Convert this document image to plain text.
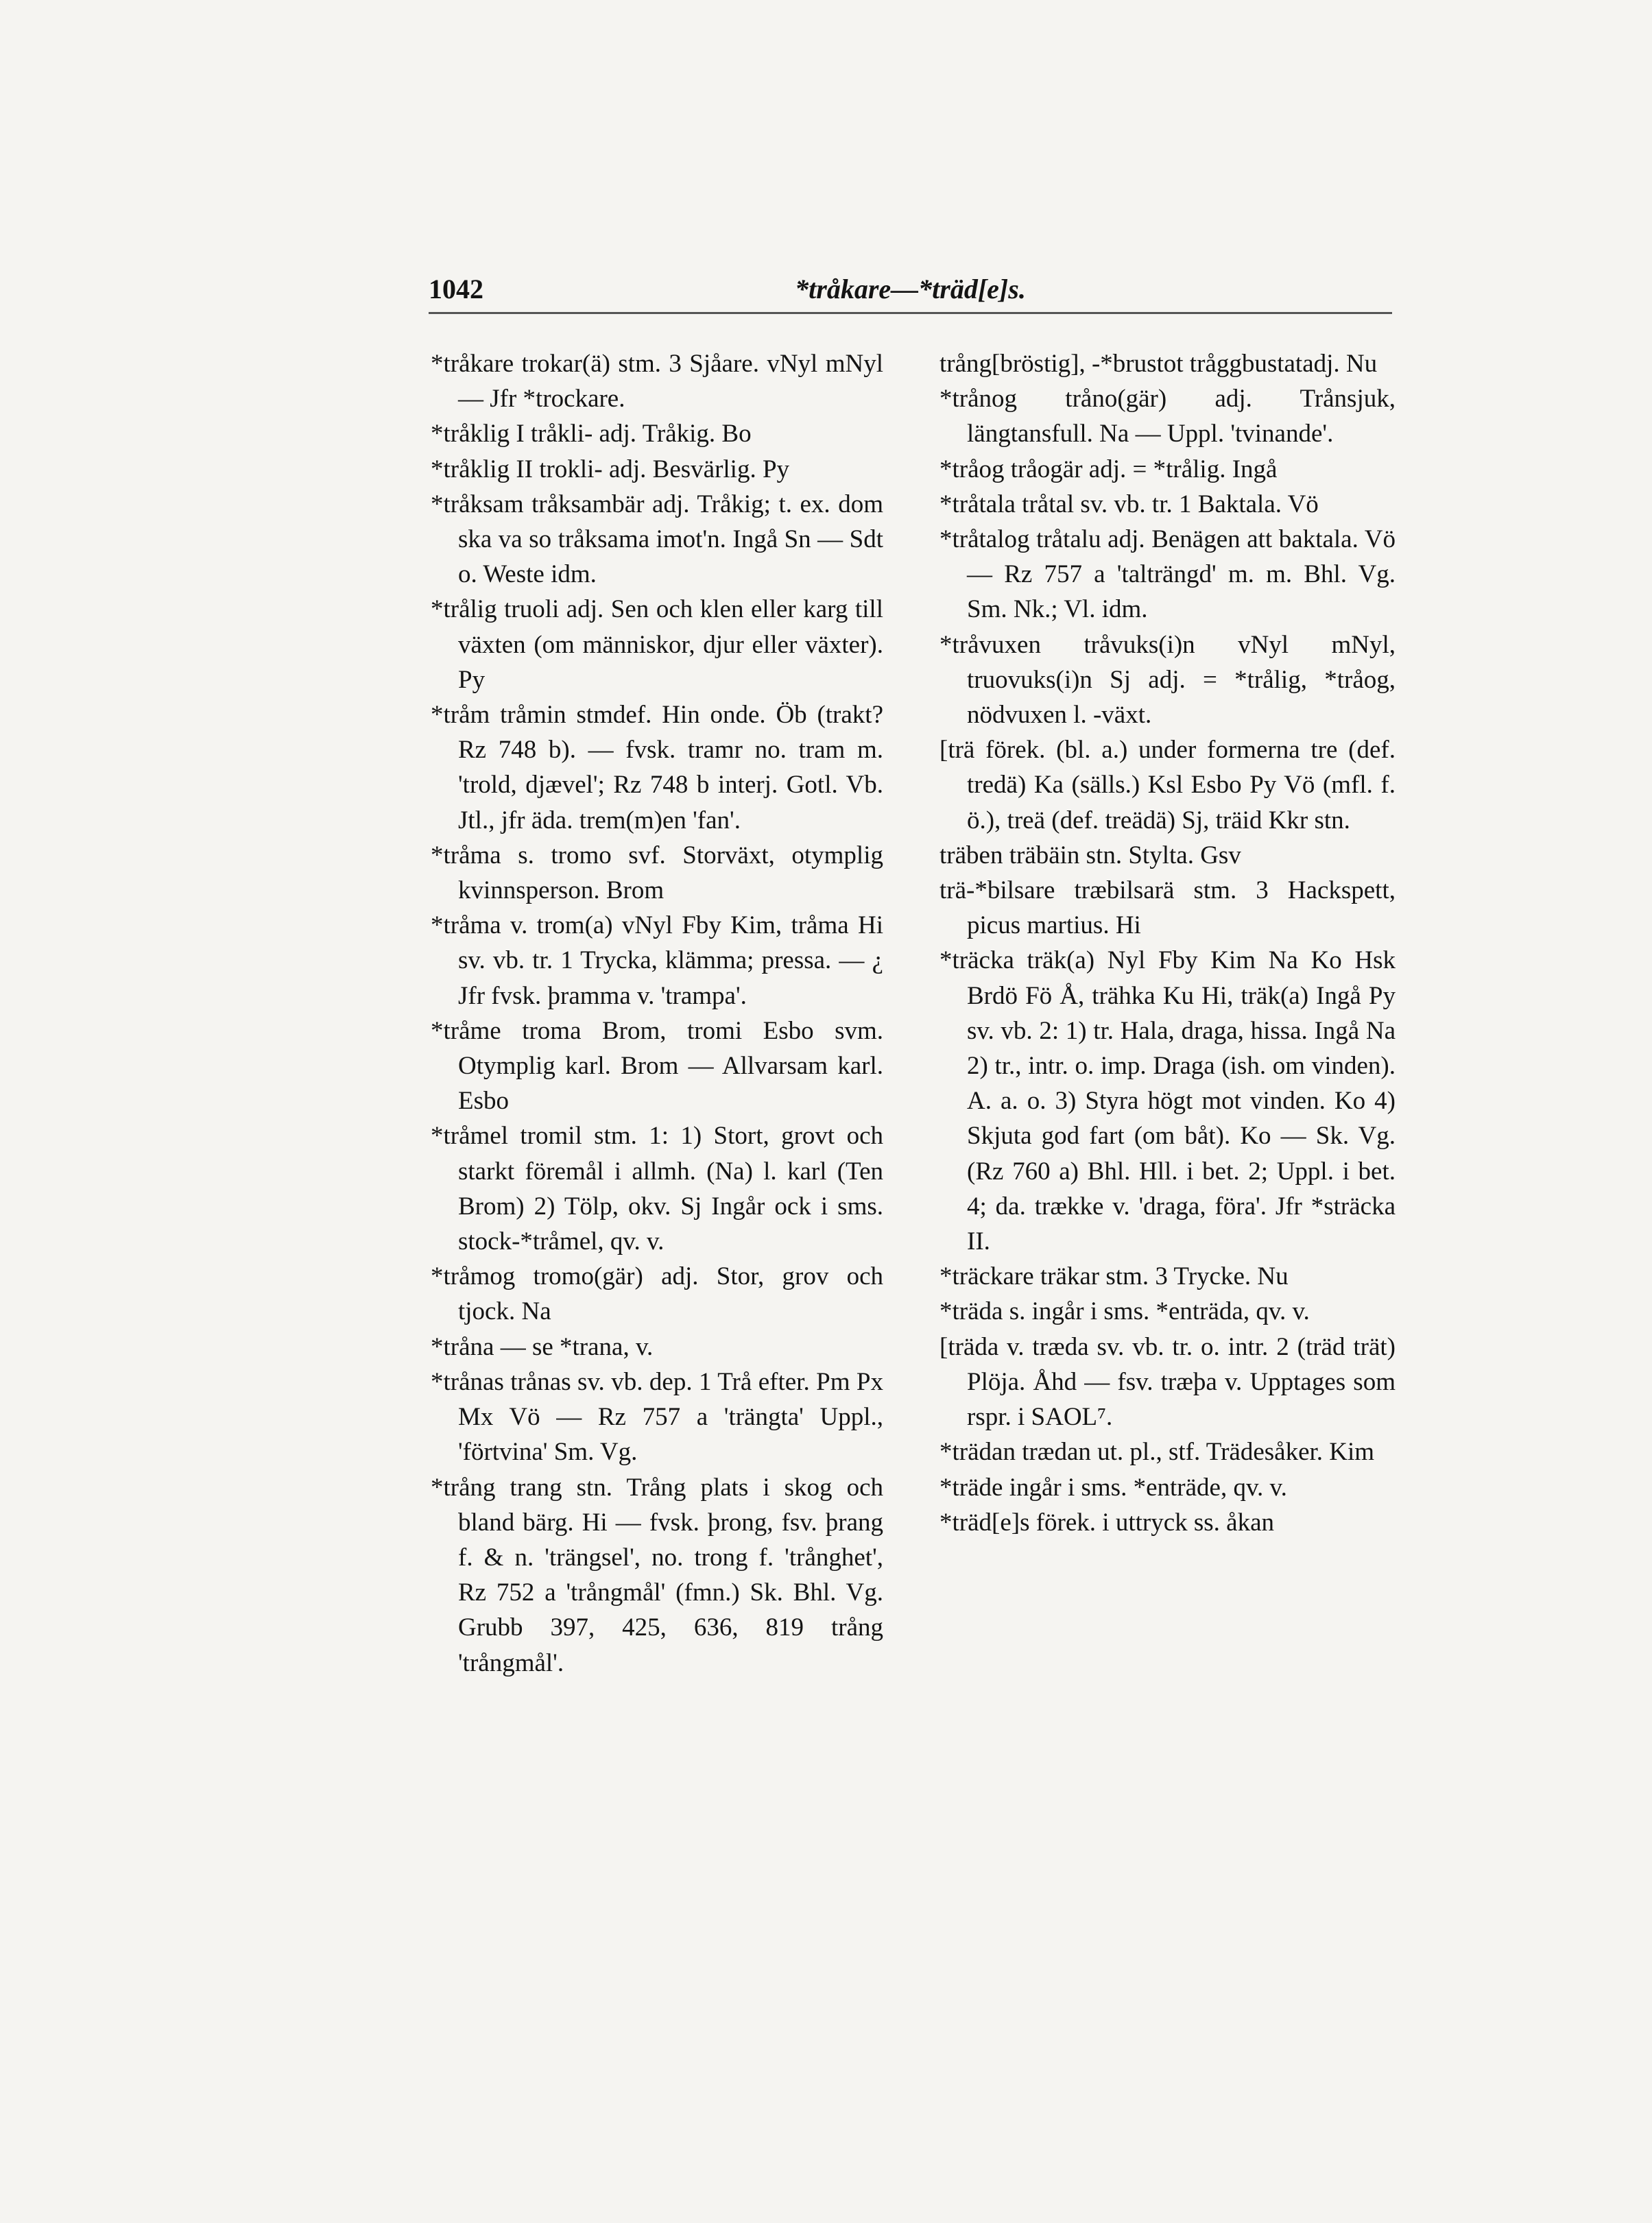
1042	*tråkare—*träd[e]s.

*tråkare trokar(ä) stm. 3 Sjåare. vNyl mNyl — Jfr *trockare.

*tråklig I tråkli- adj. Tråkig. Bo

*tråklig II trokli- adj. Besvärlig. Py

*tråksam tråksambär adj. Tråkig; t. ex. dom ska va so tråksama imot'n. Ingå Sn — Sdt o. Weste idm.

*trålig truoli adj. Sen och klen eller karg till växten (om människor, djur eller växter). Py

*tråm tråmin stmdef. Hin onde. Öb (trakt? Rz 748 b). — fvsk. tramr no. tram m. 'trold, djævel'; Rz 748 b interj. Gotl. Vb. Jtl., jfr äda. trem(m)en 'fan'.

*tråma s. tromo svf. Storväxt, otymplig kvinnsperson. Brom

*tråma v. trom(a) vNyl Fby Kim, tråma Hi sv. vb. tr. 1 Trycka, klämma; pressa. — ¿ Jfr fvsk. þramma v. 'trampa'.

*tråme troma Brom, tromi Esbo svm. Otymplig karl. Brom — Allvarsam karl. Esbo

*tråmel tromil stm. 1: 1) Stort, grovt och starkt föremål i allmh. (Na) l. karl (Ten Brom) 2) Tölp, okv. Sj Ingår ock i sms. stock-*tråmel, qv. v.

*tråmog tromo(gär) adj. Stor, grov och tjock. Na

*tråna — se *trana, v.

*trånas trånas sv. vb. dep. 1 Trå efter. Pm Px Mx Vö — Rz 757 a 'trängta' Uppl., 'förtvina' Sm. Vg.

*trång trang stn. Trång plats i skog och bland bärg. Hi — fvsk. þrong, fsv. þrang f. & n. 'trängsel', no. trong f. 'trånghet', Rz 752 a 'trångmål' (fmn.) Sk. Bhl. Vg. Grubb 397, 425, 636, 819 trång 'trångmål'.

trång[bröstig], -*brustot tråggbustatadj. Nu

*trånog tråno(gär) adj. Trånsjuk, längtansfull. Na — Uppl. 'tvinande'.

*tråog tråogär adj. = *trålig. Ingå

*tråtala tråtal sv. vb. tr. 1 Baktala. Vö

*tråtalog tråtalu adj. Benägen att baktala. Vö — Rz 757 a 'talträngd' m. m. Bhl. Vg. Sm. Nk.; Vl. idm.

*tråvuxen tråvuks(i)n vNyl mNyl, truovuks(i)n Sj adj. = *trålig, *tråog, nödvuxen l. -växt.

[trä förek. (bl. a.) under formerna tre (def. tredä) Ka (sälls.) Ksl Esbo Py Vö (mfl. f. ö.), treä (def. treädä) Sj, träid Kkr stn.

träben träbäin stn. Stylta. Gsv

trä-*bilsare træbilsarä stm. 3 Hackspett, picus martius. Hi

*träcka träk(a) Nyl Fby Kim Na Ko Hsk Brdö Fö Å, trähka Ku Hi, träk(a) Ingå Py sv. vb. 2: 1) tr. Hala, draga, hissa. Ingå Na 2) tr., intr. o. imp. Draga (ish. om vinden). A. a. o. 3) Styra högt mot vinden. Ko 4) Skjuta god fart (om båt). Ko — Sk. Vg. (Rz 760 a) Bhl. Hll. i bet. 2; Uppl. i bet. 4; da. trække v. 'draga, föra'. Jfr *sträcka II.

*träckare träkar stm. 3 Trycke. Nu

*träda s. ingår i sms. *enträda, qv. v.

[träda v. træda sv. vb. tr. o. intr. 2 (träd trät) Plöja. Åhd — fsv. træþa v. Upptages som rspr. i SAOL⁷.

*trädan trædan ut. pl., stf. Trädesåker. Kim

*träde ingår i sms. *enträde, qv. v.

*träd[e]s förek. i uttryck ss. åkan
